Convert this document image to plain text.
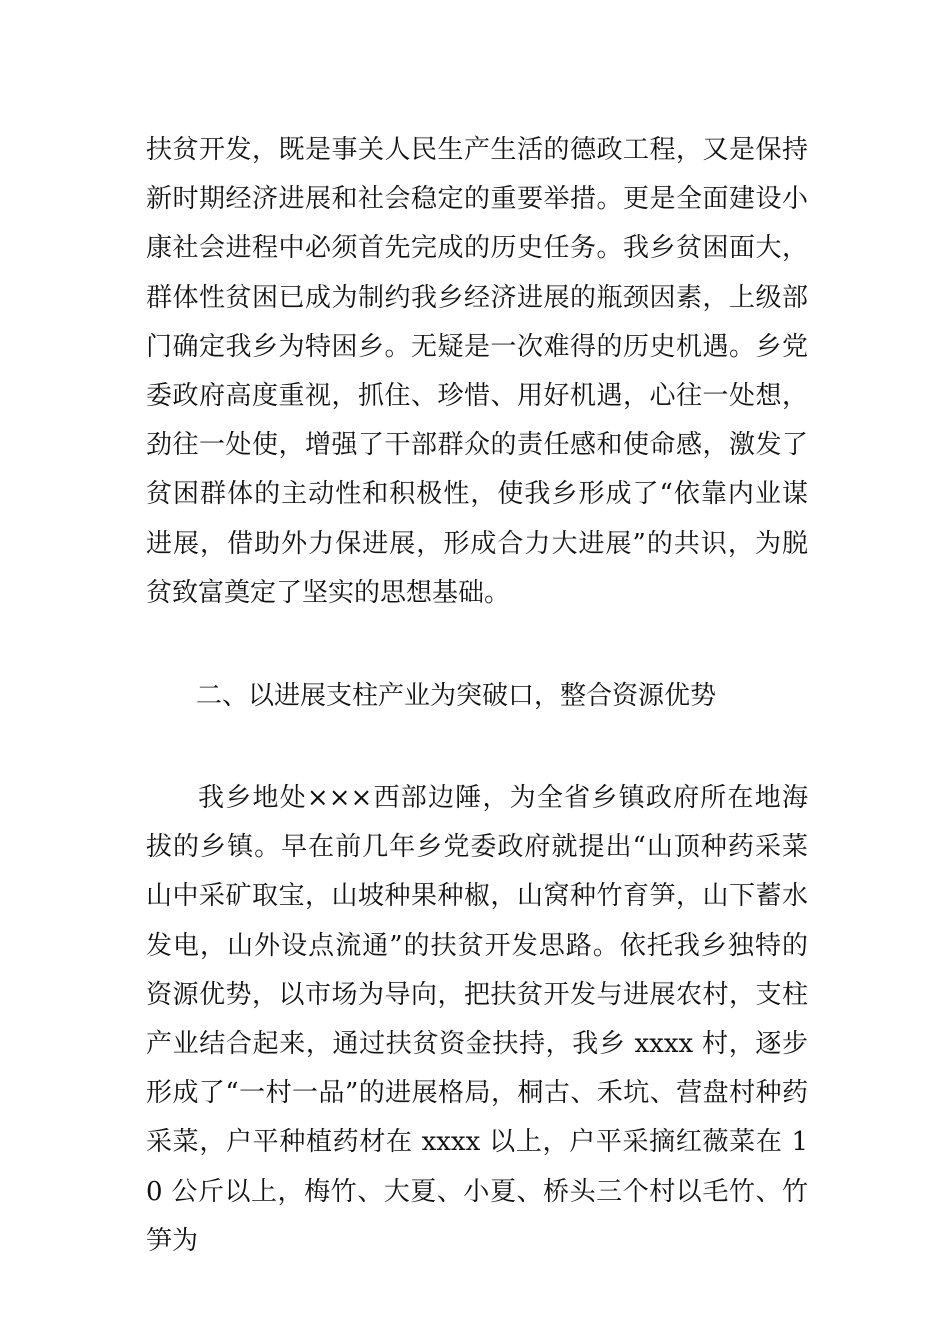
扶贫开发，既是事关人民生产生活的德政工程，又是保持新时期经济进展和社会稳定的重要举措。更是全面建设小康社会进程中必须首先完成的历史任务。我乡贫困面大，群体性贫困已成为制约我乡经济进展的瓶颈因素，上级部门确定我乡为特困乡。无疑是一次难得的历史机遇。乡党委政府高度重视，抓住、珍惜、用好机遇，心往一处想，劲往一处使，增强了干部群众的责任感和使命感，激发了贫困群体的主动性和积极性，使我乡形成了“依靠内业谋进展，借助外力保进展，形成合力大进展”的共识，为脱贫致富奠定了坚实的思想基础。

二、以进展支柱产业为突破口，整合资源优势

我乡地处×××西部边陲，为全省乡镇政府所在地海拔的乡镇。早在前几年乡党委政府就提出“山顶种药采菜山中采矿取宝，山坡种果种椒，山窝种竹育笋，山下蓄水发电，山外设点流通”的扶贫开发思路。依托我乡独特的资源优势，以市场为导向，把扶贫开发与进展农村，支柱产业结合起来，通过扶贫资金扶持，我乡 xxxx 村，逐步形成了“一村一品”的进展格局，桐古、禾坑、营盘村种药采菜，户平种植药材在 xxxx 以上，户平采摘红薇菜在 10 公斤以上，梅竹、大夏、小夏、桥头三个村以毛竹、竹笋为
